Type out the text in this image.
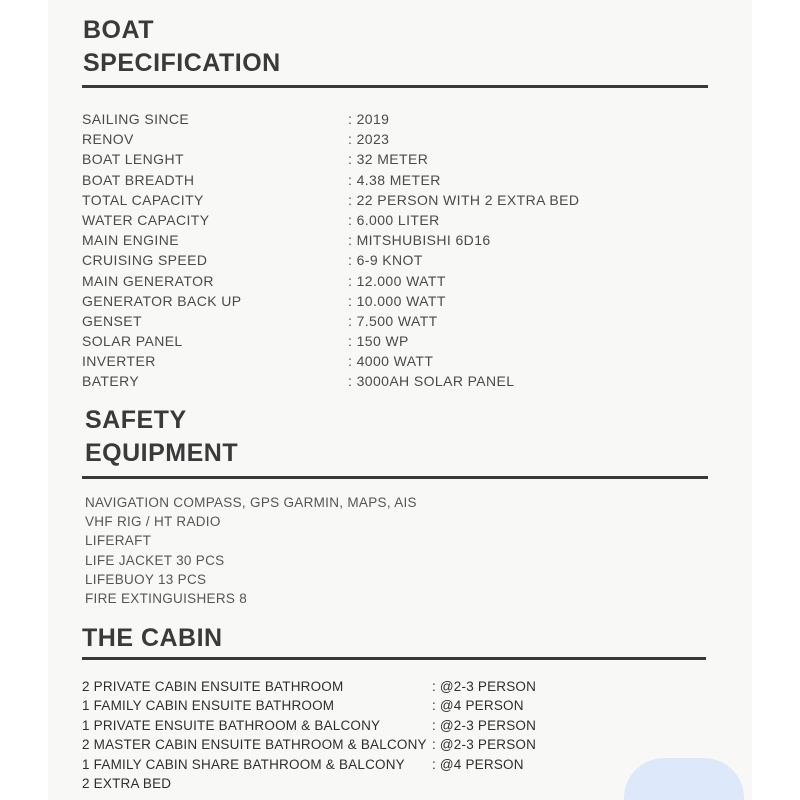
BOAT
SPECIFICATION
SAILING SINCE	: 2019
RENOV	: 2023
BOAT LENGHT	: 32 METER
BOAT BREADTH	: 4.38 METER
TOTAL CAPACITY	: 22 PERSON WITH 2 EXTRA BED
WATER CAPACITY	: 6.000 LITER
MAIN ENGINE	: MITSHUBISHI 6D16
CRUISING SPEED	: 6-9 KNOT
MAIN GENERATOR	: 12.000 WATT
GENERATOR BACK UP	: 10.000 WATT
GENSET	: 7.500 WATT
SOLAR PANEL	: 150 WP
INVERTER	: 4000 WATT
BATERY	: 3000AH SOLAR PANEL
SAFETY
EQUIPMENT
NAVIGATION COMPASS, GPS GARMIN, MAPS, AIS
VHF RIG / HT RADIO
LIFERAFT
LIFE JACKET 30 PCS
LIFEBUOY 13 PCS
FIRE EXTINGUISHERS 8
THE CABIN
2 PRIVATE CABIN ENSUITE BATHROOM	: @2-3 PERSON
1 FAMILY CABIN ENSUITE BATHROOM	: @4 PERSON
1 PRIVATE ENSUITE BATHROOM & BALCONY	: @2-3 PERSON
2 MASTER CABIN ENSUITE BATHROOM & BALCONY : @2-3 PERSON
1 FAMILY CABIN SHARE BATHROOM & BALCONY : @4 PERSON
2 EXTRA BED
